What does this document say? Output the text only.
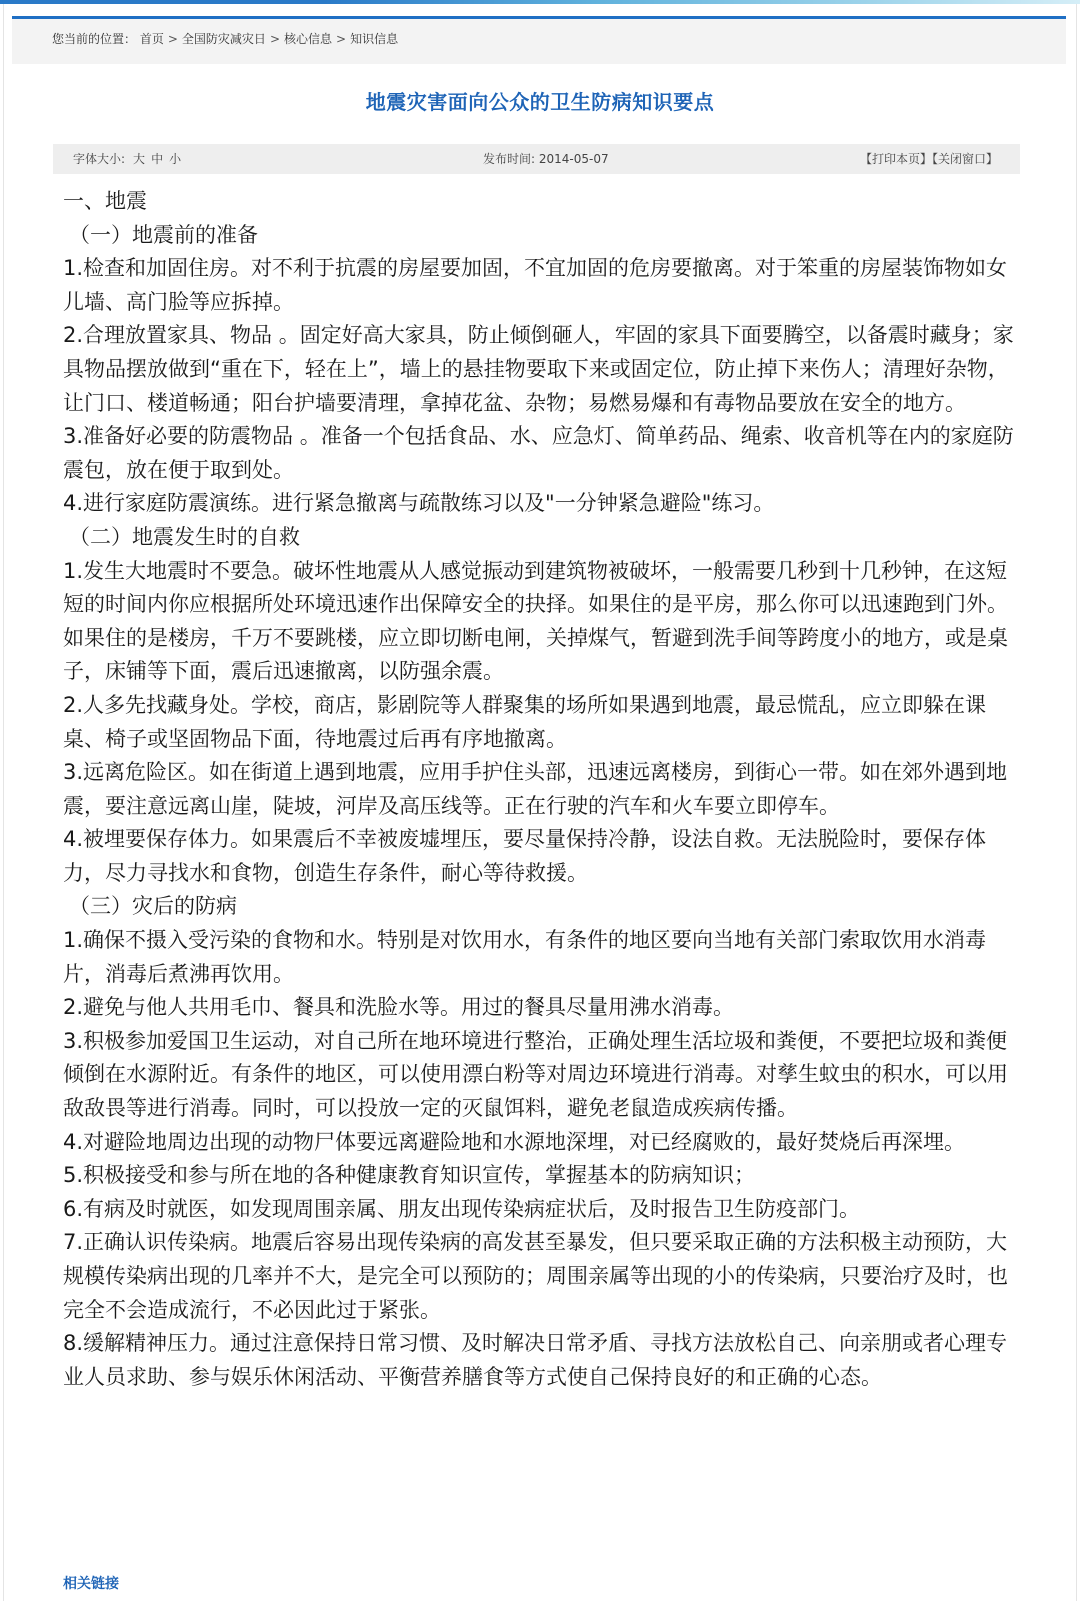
您当前的位置： 首页 > 全国防灾减灾日 > 核心信息 > 知识信息
地震灾害面向公众的卫生防病知识要点
字体大小: 大 中 小	发布时间: 2014-05-07	【打印本页】【关闭窗口】

一、地震

（一）地震前的准备

1.检查和加固住房。对不利于抗震的房屋要加固，不宜加固的危房要撤离。对于笨重的房屋装饰物如女儿墙、高门脸等应拆掉。

2.合理放置家具、物品 。固定好高大家具，防止倾倒砸人，牢固的家具下面要腾空，以备震时藏身；家具物品摆放做到“重在下，轻在上”，墙上的悬挂物要取下来或固定位，防止掉下来伤人；清理好杂物，让门口、楼道畅通；阳台护墙要清理，拿掉花盆、杂物；易燃易爆和有毒物品要放在安全的地方。

3.准备好必要的防震物品 。准备一个包括食品、水、应急灯、简单药品、绳索、收音机等在内的家庭防震包，放在便于取到处。

4.进行家庭防震演练。进行紧急撤离与疏散练习以及"一分钟紧急避险"练习。

（二）地震发生时的自救

1.发生大地震时不要急。破坏性地震从人感觉振动到建筑物被破坏，一般需要几秒到十几秒钟，在这短短的时间内你应根据所处环境迅速作出保障安全的抉择。如果住的是平房，那么你可以迅速跑到门外。如果住的是楼房，千万不要跳楼，应立即切断电闸，关掉煤气，暂避到洗手间等跨度小的地方，或是桌子，床铺等下面，震后迅速撤离，以防强余震。

2.人多先找藏身处。学校，商店，影剧院等人群聚集的场所如果遇到地震，最忌慌乱，应立即躲在课桌、椅子或坚固物品下面，待地震过后再有序地撤离。

3.远离危险区。如在街道上遇到地震，应用手护住头部，迅速远离楼房，到街心一带。如在郊外遇到地震，要注意远离山崖，陡坡，河岸及高压线等。正在行驶的汽车和火车要立即停车。

4.被埋要保存体力。如果震后不幸被废墟埋压，要尽量保持冷静，设法自救。无法脱险时，要保存体力，尽力寻找水和食物，创造生存条件，耐心等待救援。

（三）灾后的防病

1.确保不摄入受污染的食物和水。特别是对饮用水，有条件的地区要向当地有关部门索取饮用水消毒片，消毒后煮沸再饮用。

2.避免与他人共用毛巾、餐具和洗脸水等。用过的餐具尽量用沸水消毒。

3.积极参加爱国卫生运动，对自己所在地环境进行整治，正确处理生活垃圾和粪便，不要把垃圾和粪便倾倒在水源附近。有条件的地区，可以使用漂白粉等对周边环境进行消毒。对孳生蚊虫的积水，可以用敌敌畏等进行消毒。同时，可以投放一定的灭鼠饵料，避免老鼠造成疾病传播。

4.对避险地周边出现的动物尸体要远离避险地和水源地深埋，对已经腐败的，最好焚烧后再深埋。

5.积极接受和参与所在地的各种健康教育知识宣传，掌握基本的防病知识；

6.有病及时就医，如发现周围亲属、朋友出现传染病症状后，及时报告卫生防疫部门。

7.正确认识传染病。地震后容易出现传染病的高发甚至暴发，但只要采取正确的方法积极主动预防，大规模传染病出现的几率并不大，是完全可以预防的；周围亲属等出现的小的传染病，只要治疗及时，也完全不会造成流行，不必因此过于紧张。

8.缓解精神压力。通过注意保持日常习惯、及时解决日常矛盾、寻找方法放松自己、向亲朋或者心理专业人员求助、参与娱乐休闲活动、平衡营养膳食等方式使自己保持良好的和正确的心态。

相关链接
